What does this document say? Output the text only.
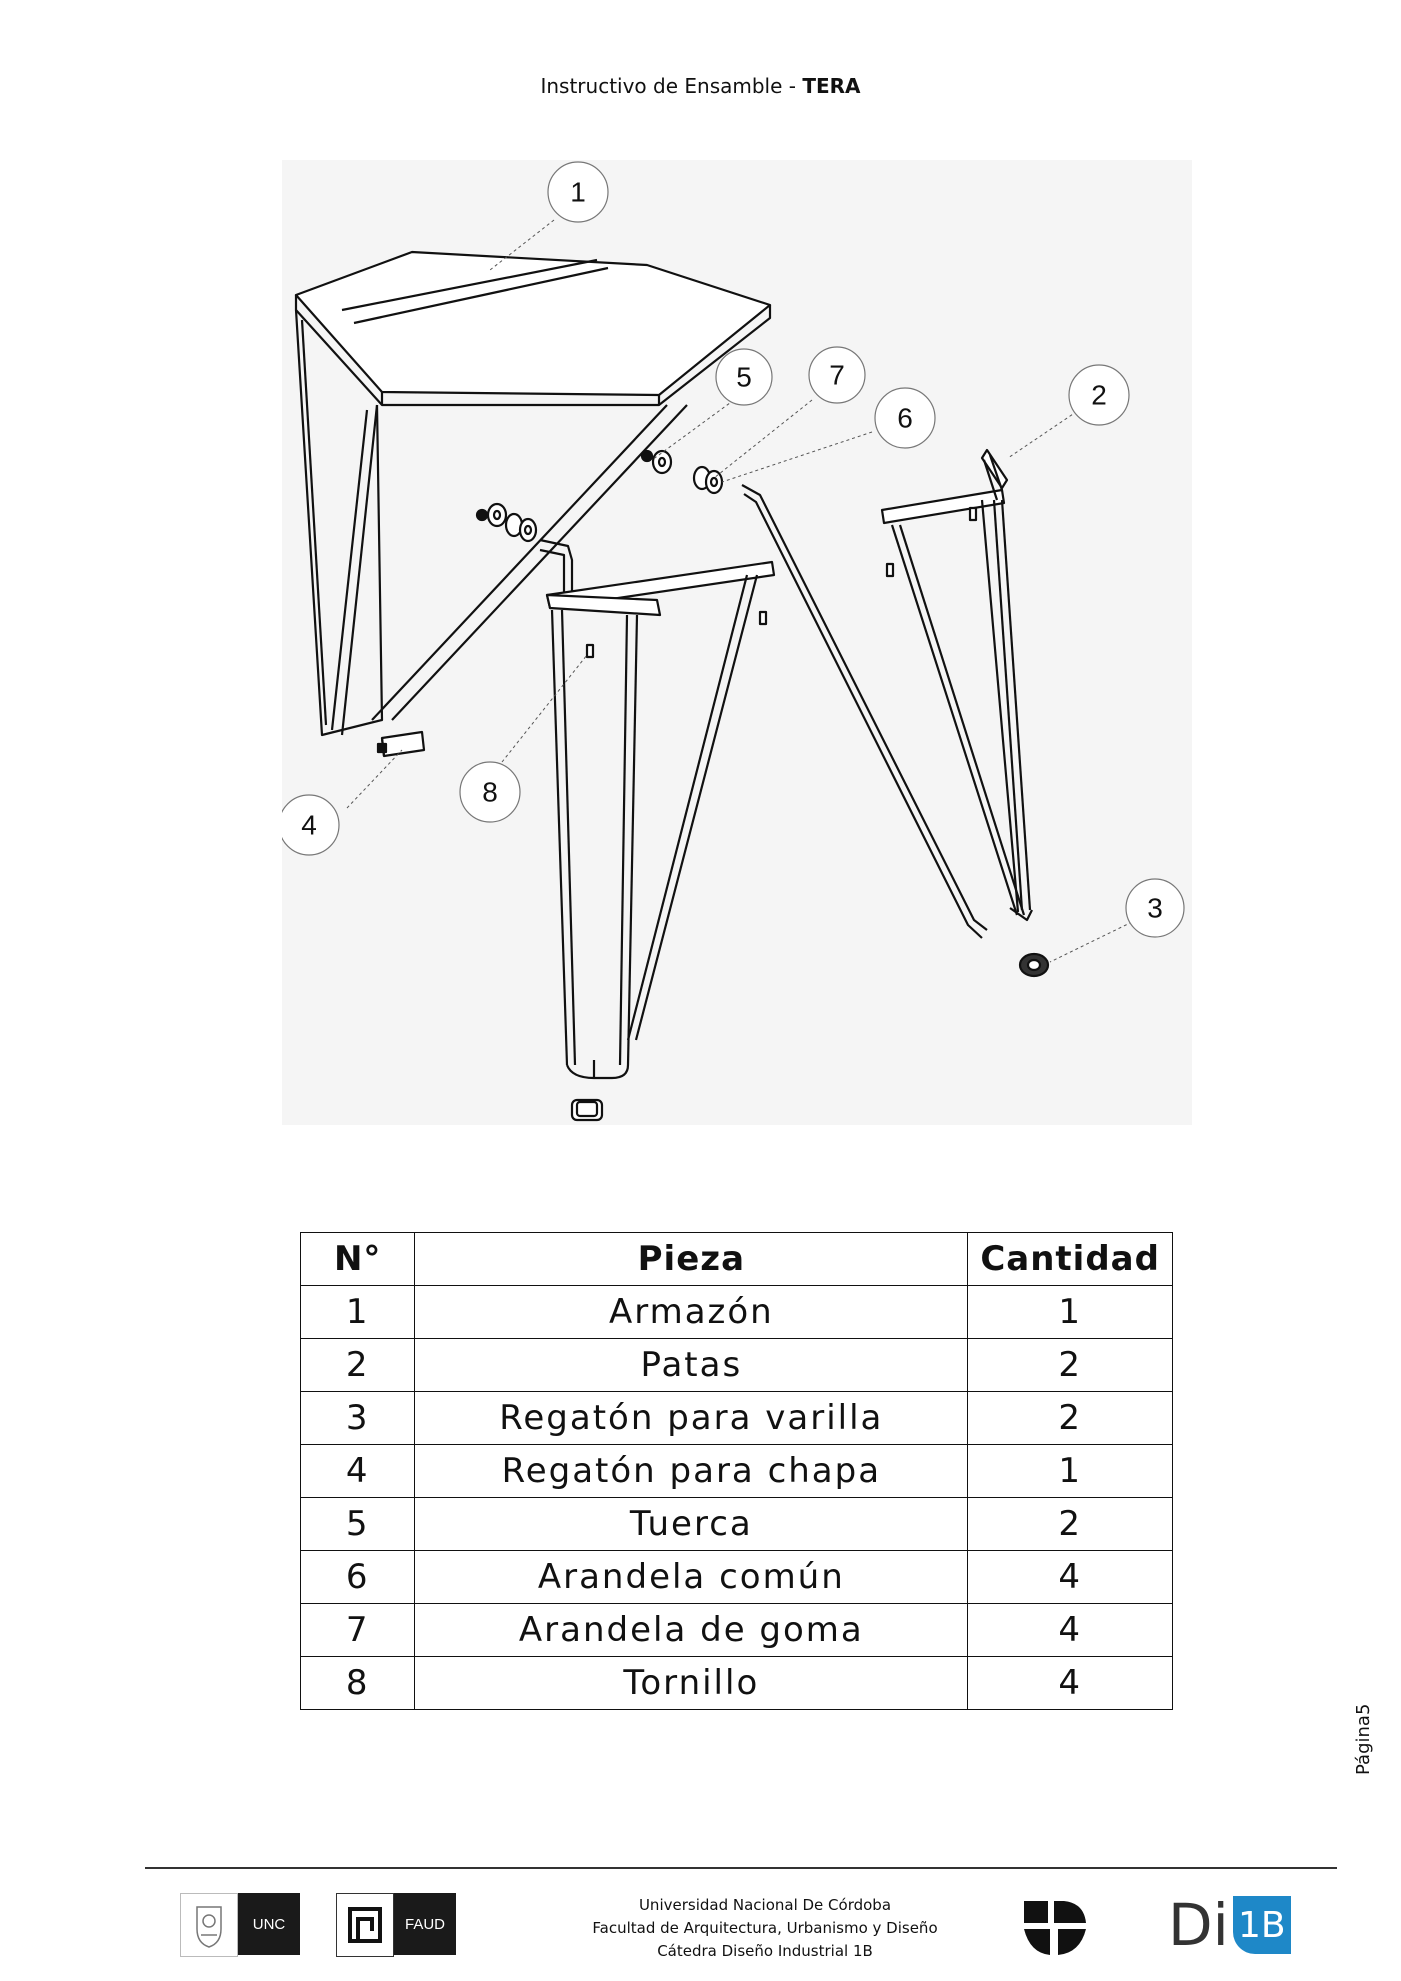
Instructivo de Ensamble - TERA
1
5	7
6
2
8
4
3
N°	Pieza	Cantidad
1	Armazón	1
2	Patas	2
3	Regatón para varilla	2
4	Regatón para chapa	1
5	Tuerca	2
6	Arandela común	4
7	Arandela de goma	4
8	Tornillo	4
Página5
UNC	FAUD
Universidad Nacional De Córdoba
Facultad de Arquitectura, Urbanismo y Diseño
Cátedra Diseño Industrial 1B	Di 1B
